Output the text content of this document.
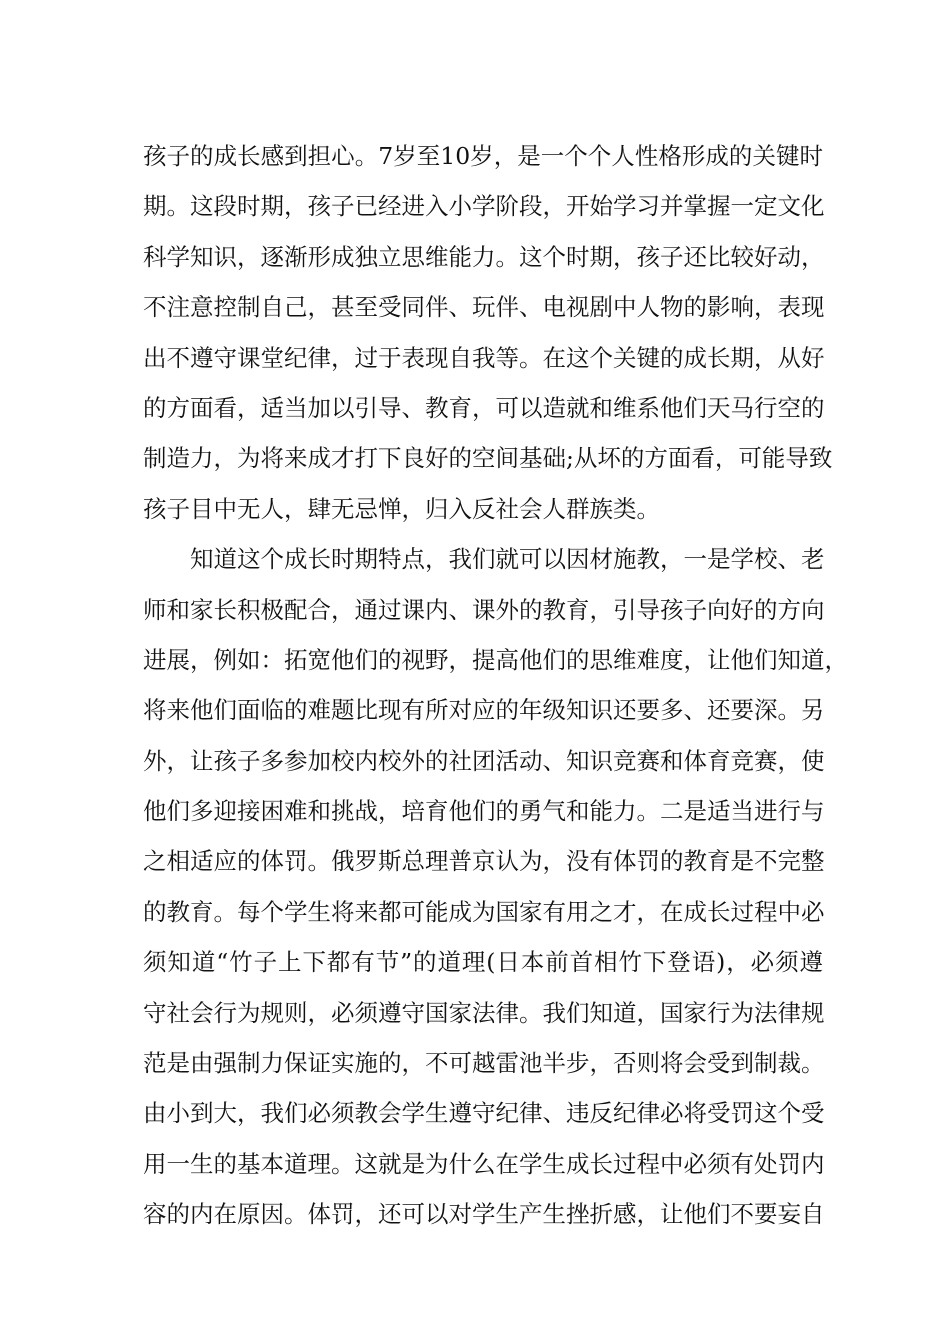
孩子的成长感到担心。7岁至10岁，是一个个人性格形成的关键时
期。这段时期，孩子已经进入小学阶段，开始学习并掌握一定文化
科学知识，逐渐形成独立思维能力。这个时期，孩子还比较好动，
不注意控制自己，甚至受同伴、玩伴、电视剧中人物的影响，表现
出不遵守课堂纪律，过于表现自我等。在这个关键的成长期，从好
的方面看，适当加以引导、教育，可以造就和维系他们天马行空的
制造力，为将来成才打下良好的空间基础;从坏的方面看，可能导致
孩子目中无人，肆无忌惮，归入反社会人群族类。
知道这个成长时期特点，我们就可以因材施教，一是学校、老
师和家长积极配合，通过课内、课外的教育，引导孩子向好的方向
进展，例如：拓宽他们的视野，提高他们的思维难度，让他们知道，
将来他们面临的难题比现有所对应的年级知识还要多、还要深。另
外，让孩子多参加校内校外的社团活动、知识竞赛和体育竞赛，使
他们多迎接困难和挑战，培育他们的勇气和能力。二是适当进行与
之相适应的体罚。俄罗斯总理普京认为，没有体罚的教育是不完整
的教育。每个学生将来都可能成为国家有用之才，在成长过程中必
须知道“竹子上下都有节”的道理(日本前首相竹下登语)，必须遵
守社会行为规则，必须遵守国家法律。我们知道，国家行为法律规
范是由强制力保证实施的，不可越雷池半步，否则将会受到制裁。
由小到大，我们必须教会学生遵守纪律、违反纪律必将受罚这个受
用一生的基本道理。这就是为什么在学生成长过程中必须有处罚内
容的内在原因。体罚，还可以对学生产生挫折感，让他们不要妄自
